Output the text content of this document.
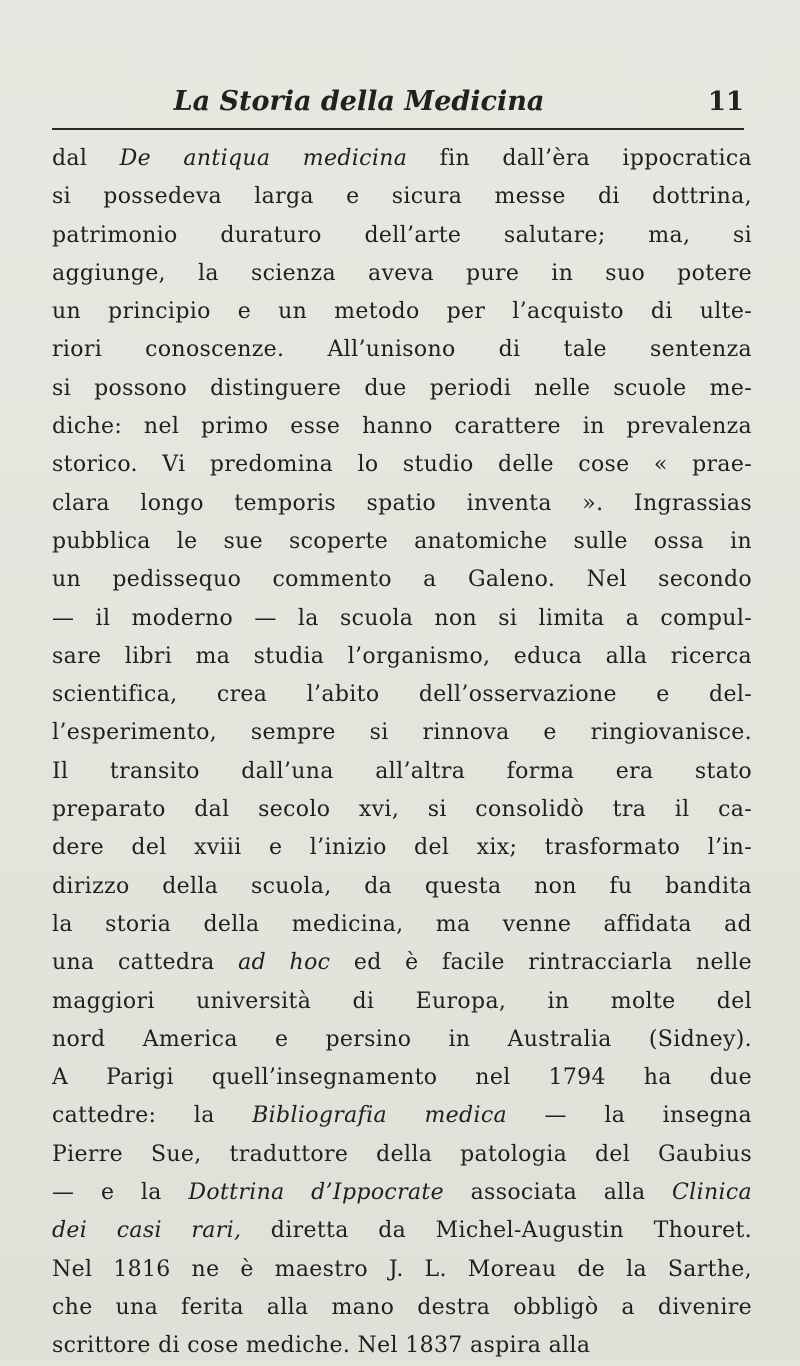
La Storia della Medicina	11
dal De antiqua medicina fin dall’èra ippocratica
si possedeva larga e sicura messe di dottrina,
patrimonio duraturo dell’arte salutare; ma, si
aggiunge, la scienza aveva pure in suo potere
un principio e un metodo per l’acquisto di ulte-
riori conoscenze. All’unisono di tale sentenza
si possono distinguere due periodi nelle scuole me-
diche: nel primo esse hanno carattere in prevalenza
storico. Vi predomina lo studio delle cose « prae-
clara longo temporis spatio inventa ». Ingrassias
pubblica le sue scoperte anatomiche sulle ossa in
un pedissequo commento a Galeno. Nel secondo
— il moderno — la scuola non si limita a compul-
sare libri ma studia l’organismo, educa alla ricerca
scientifica, crea l’abito dell’osservazione e del-
l’esperimento, sempre si rinnova e ringiovanisce.
Il transito dall’una all’altra forma era stato
preparato dal secolo xvi, si consolidò tra il ca-
dere del xviii e l’inizio del xix; trasformato l’in-
dirizzo della scuola, da questa non fu bandita
la storia della medicina, ma venne affidata ad
una cattedra ad hoc ed è facile rintracciarla nelle
maggiori università di Europa, in molte del
nord America e persino in Australia (Sidney).
A Parigi quell’insegnamento nel 1794 ha due
cattedre: la Bibliografia medica — la insegna
Pierre Sue, traduttore della patologia del Gaubius
— e la Dottrina d’Ippocrate associata alla Clinica
dei casi rari, diretta da Michel-Augustin Thouret.
Nel 1816 ne è maestro J. L. Moreau de la Sarthe,
che una ferita alla mano destra obbligò a divenire
scrittore di cose mediche. Nel 1837 aspira alla
